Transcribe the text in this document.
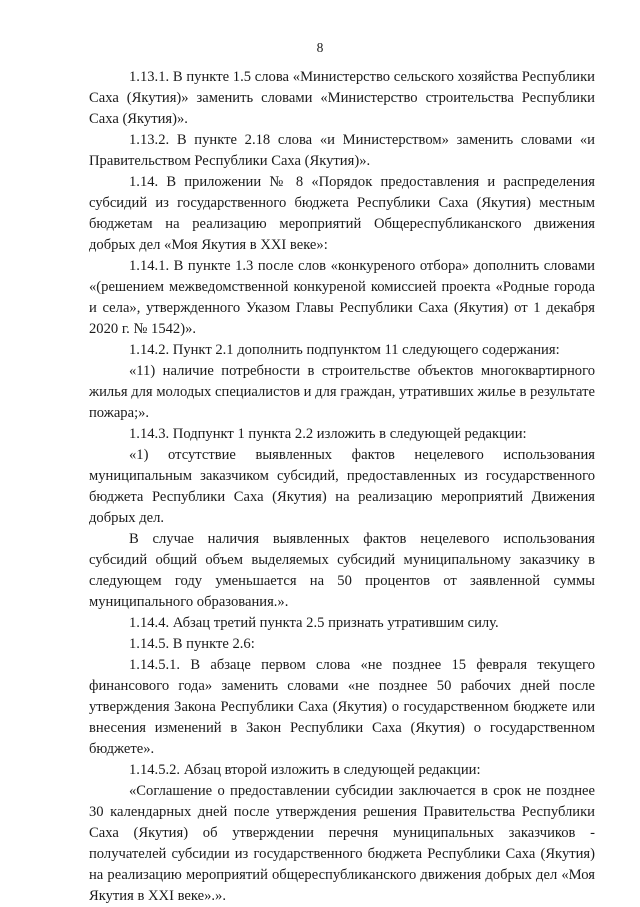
8

1.13.1. В пункте 1.5 слова «Министерство сельского хозяйства Республики Саха (Якутия)» заменить словами «Министерство строительства Республики Саха (Якутия)».

1.13.2. В пункте 2.18 слова «и Министерством» заменить словами «и Правительством Республики Саха (Якутия)».

1.14. В приложении № 8 «Порядок предоставления и распределения субсидий из государственного бюджета Республики Саха (Якутия) местным бюджетам на реализацию мероприятий Общереспубликанского движения добрых дел «Моя Якутия в XXI веке»:

1.14.1. В пункте 1.3 после слов «конкуреного отбора» дополнить словами «(решением межведомственной конкуреной комиссией проекта «Родные города и села», утвержденного Указом Главы Республики Саха (Якутия) от 1 декабря 2020 г. № 1542)».

1.14.2. Пункт 2.1 дополнить подпунктом 11 следующего содержания:

«11) наличие потребности в строительстве объектов многоквартирного жилья для молодых специалистов и для граждан, утративших жилье в результате пожара;».

1.14.3. Подпункт 1 пункта 2.2 изложить в следующей редакции:

«1) отсутствие выявленных фактов нецелевого использования муниципальным заказчиком субсидий, предоставленных из государственного бюджета Республики Саха (Якутия) на реализацию мероприятий Движения добрых дел.

В случае наличия выявленных фактов нецелевого использования субсидий общий объем выделяемых субсидий муниципальному заказчику в следующем году уменьшается на 50 процентов от заявленной суммы муниципального образования.».

1.14.4. Абзац третий пункта 2.5 признать утратившим силу.

1.14.5. В пункте 2.6:

1.14.5.1. В абзаце первом слова «не позднее 15 февраля текущего финансового года» заменить словами «не позднее 50 рабочих дней после утверждения Закона Республики Саха (Якутия) о государственном бюджете или внесения изменений в Закон Республики Саха (Якутия) о государственном бюджете».

1.14.5.2. Абзац второй изложить в следующей редакции:

«Соглашение о предоставлении субсидии заключается в срок не позднее 30 календарных дней после утверждения решения Правительства Республики Саха (Якутия) об утверждении перечня муниципальных заказчиков - получателей субсидии из государственного бюджета Республики Саха (Якутия) на реализацию мероприятий общереспубликанского движения добрых дел «Моя Якутия в XXI веке».».
